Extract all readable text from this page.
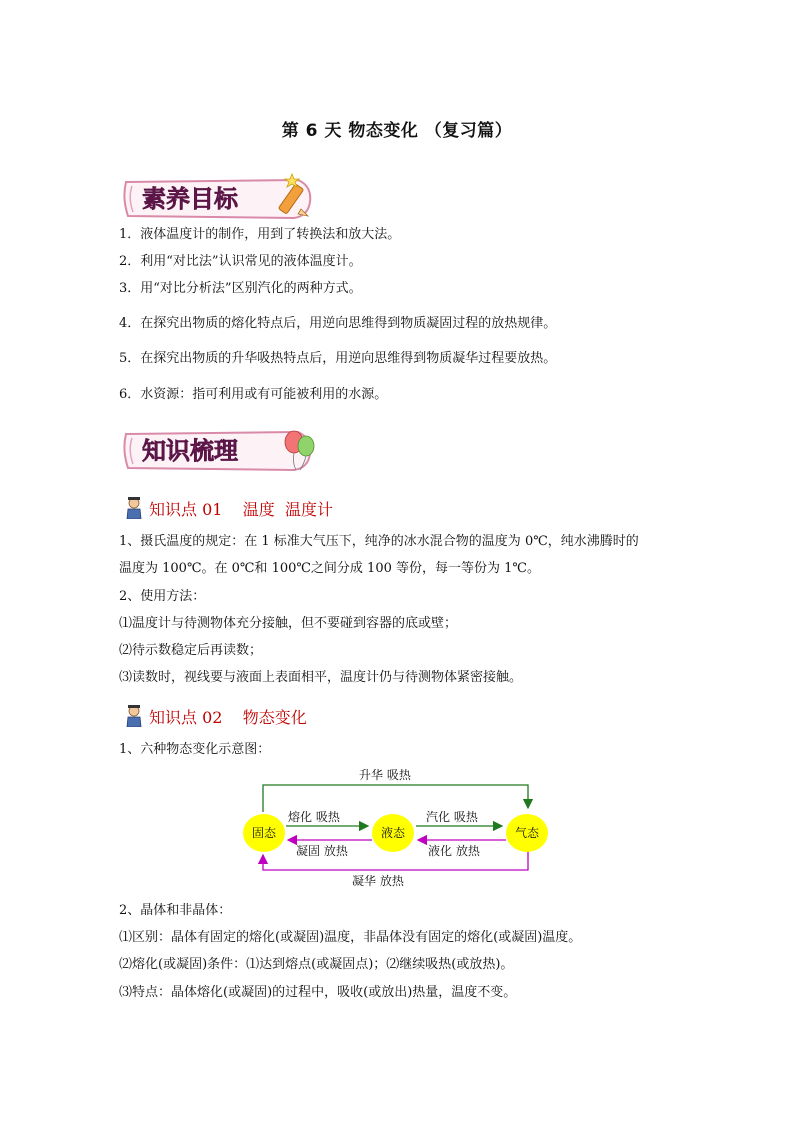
第 6 天 物态变化 （复习篇）
素养目标
1．液体温度计的制作，用到了转换法和放大法。
2．利用“对比法”认识常见的液体温度计。
3．用“对比分析法”区别汽化的两种方式。
4．在探究出物质的熔化特点后，用逆向思维得到物质凝固过程的放热规律。
5．在探究出物质的升华吸热特点后，用逆向思维得到物质凝华过程要放热。
6．水资源：指可利用或有可能被利用的水源。
知识梳理
知识点 01    温度  温度计
1、摄氏温度的规定：在 1 标准大气压下，纯净的冰水混合物的温度为 0℃，纯水沸腾时的
温度为 100℃。在 0℃和 100℃之间分成 100 等份，每一等份为 1℃。
2、使用方法：
⑴温度计与待测物体充分接触，但不要碰到容器的底或壁；
⑵待示数稳定后再读数；
⑶读数时，视线要与液面上表面相平，温度计仍与待测物体紧密接触。
知识点 02    物态变化
1、六种物态变化示意图：
升华 吸热
凝华 放热
熔化 吸热
凝固 放热
汽化 吸热
液化 放热
固态	液态	气态
2、晶体和非晶体：
⑴区别：晶体有固定的熔化(或凝固)温度，非晶体没有固定的熔化(或凝固)温度。
⑵熔化(或凝固)条件：⑴达到熔点(或凝固点)；⑵继续吸热(或放热)。
⑶特点：晶体熔化(或凝固)的过程中，吸收(或放出)热量，温度不变。
